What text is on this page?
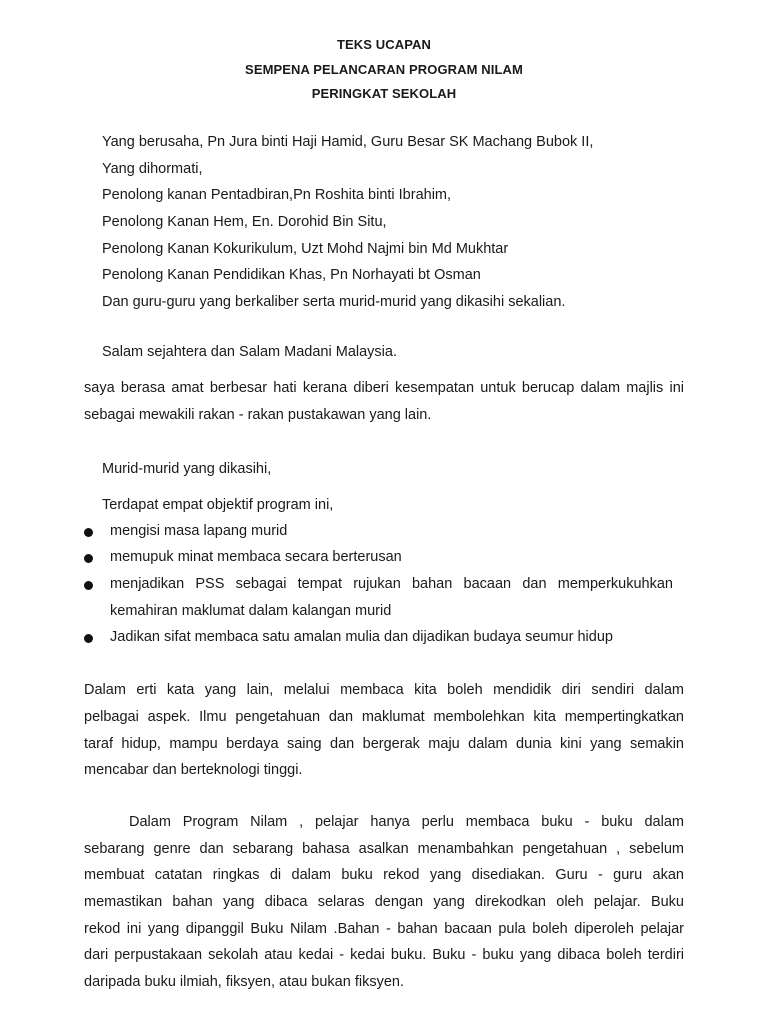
TEKS UCAPAN
SEMPENA PELANCARAN PROGRAM NILAM
PERINGKAT SEKOLAH
Yang berusaha, Pn Jura binti Haji Hamid, Guru Besar SK Machang Bubok II,
Yang dihormati,
Penolong kanan Pentadbiran,Pn Roshita binti Ibrahim,
Penolong Kanan Hem, En. Dorohid Bin Situ,
Penolong Kanan Kokurikulum, Uzt Mohd Najmi bin Md Mukhtar
Penolong Kanan Pendidikan Khas, Pn Norhayati bt Osman
Dan guru-guru yang berkaliber serta murid-murid yang dikasihi sekalian.
Salam sejahtera dan Salam Madani Malaysia.
saya berasa amat berbesar hati kerana diberi kesempatan untuk berucap dalam majlis ini
sebagai mewakili rakan - rakan pustakawan yang lain.
Murid-murid yang dikasihi,
Terdapat empat objektif program ini,
mengisi masa lapang murid
memupuk minat membaca secara berterusan
menjadikan PSS sebagai tempat rujukan bahan bacaan dan memperkukuhkan
kemahiran maklumat dalam kalangan murid
Jadikan sifat membaca satu amalan mulia dan dijadikan budaya seumur hidup
Dalam erti kata yang lain, melalui membaca kita boleh mendidik diri sendiri dalam
pelbagai aspek. Ilmu pengetahuan dan maklumat membolehkan kita mempertingkatkan
taraf hidup, mampu berdaya saing dan bergerak maju dalam dunia kini yang semakin
mencabar dan berteknologi tinggi.
Dalam Program Nilam , pelajar hanya perlu membaca buku - buku dalam
sebarang genre dan sebarang bahasa asalkan menambahkan pengetahuan , sebelum
membuat catatan ringkas di dalam buku rekod yang disediakan. Guru - guru akan
memastikan bahan yang dibaca selaras dengan yang direkodkan oleh pelajar. Buku
rekod ini yang dipanggil Buku Nilam .Bahan - bahan bacaan pula boleh diperoleh pelajar
dari perpustakaan sekolah atau kedai - kedai buku. Buku - buku yang dibaca boleh terdiri
daripada buku ilmiah, fiksyen, atau bukan fiksyen.
